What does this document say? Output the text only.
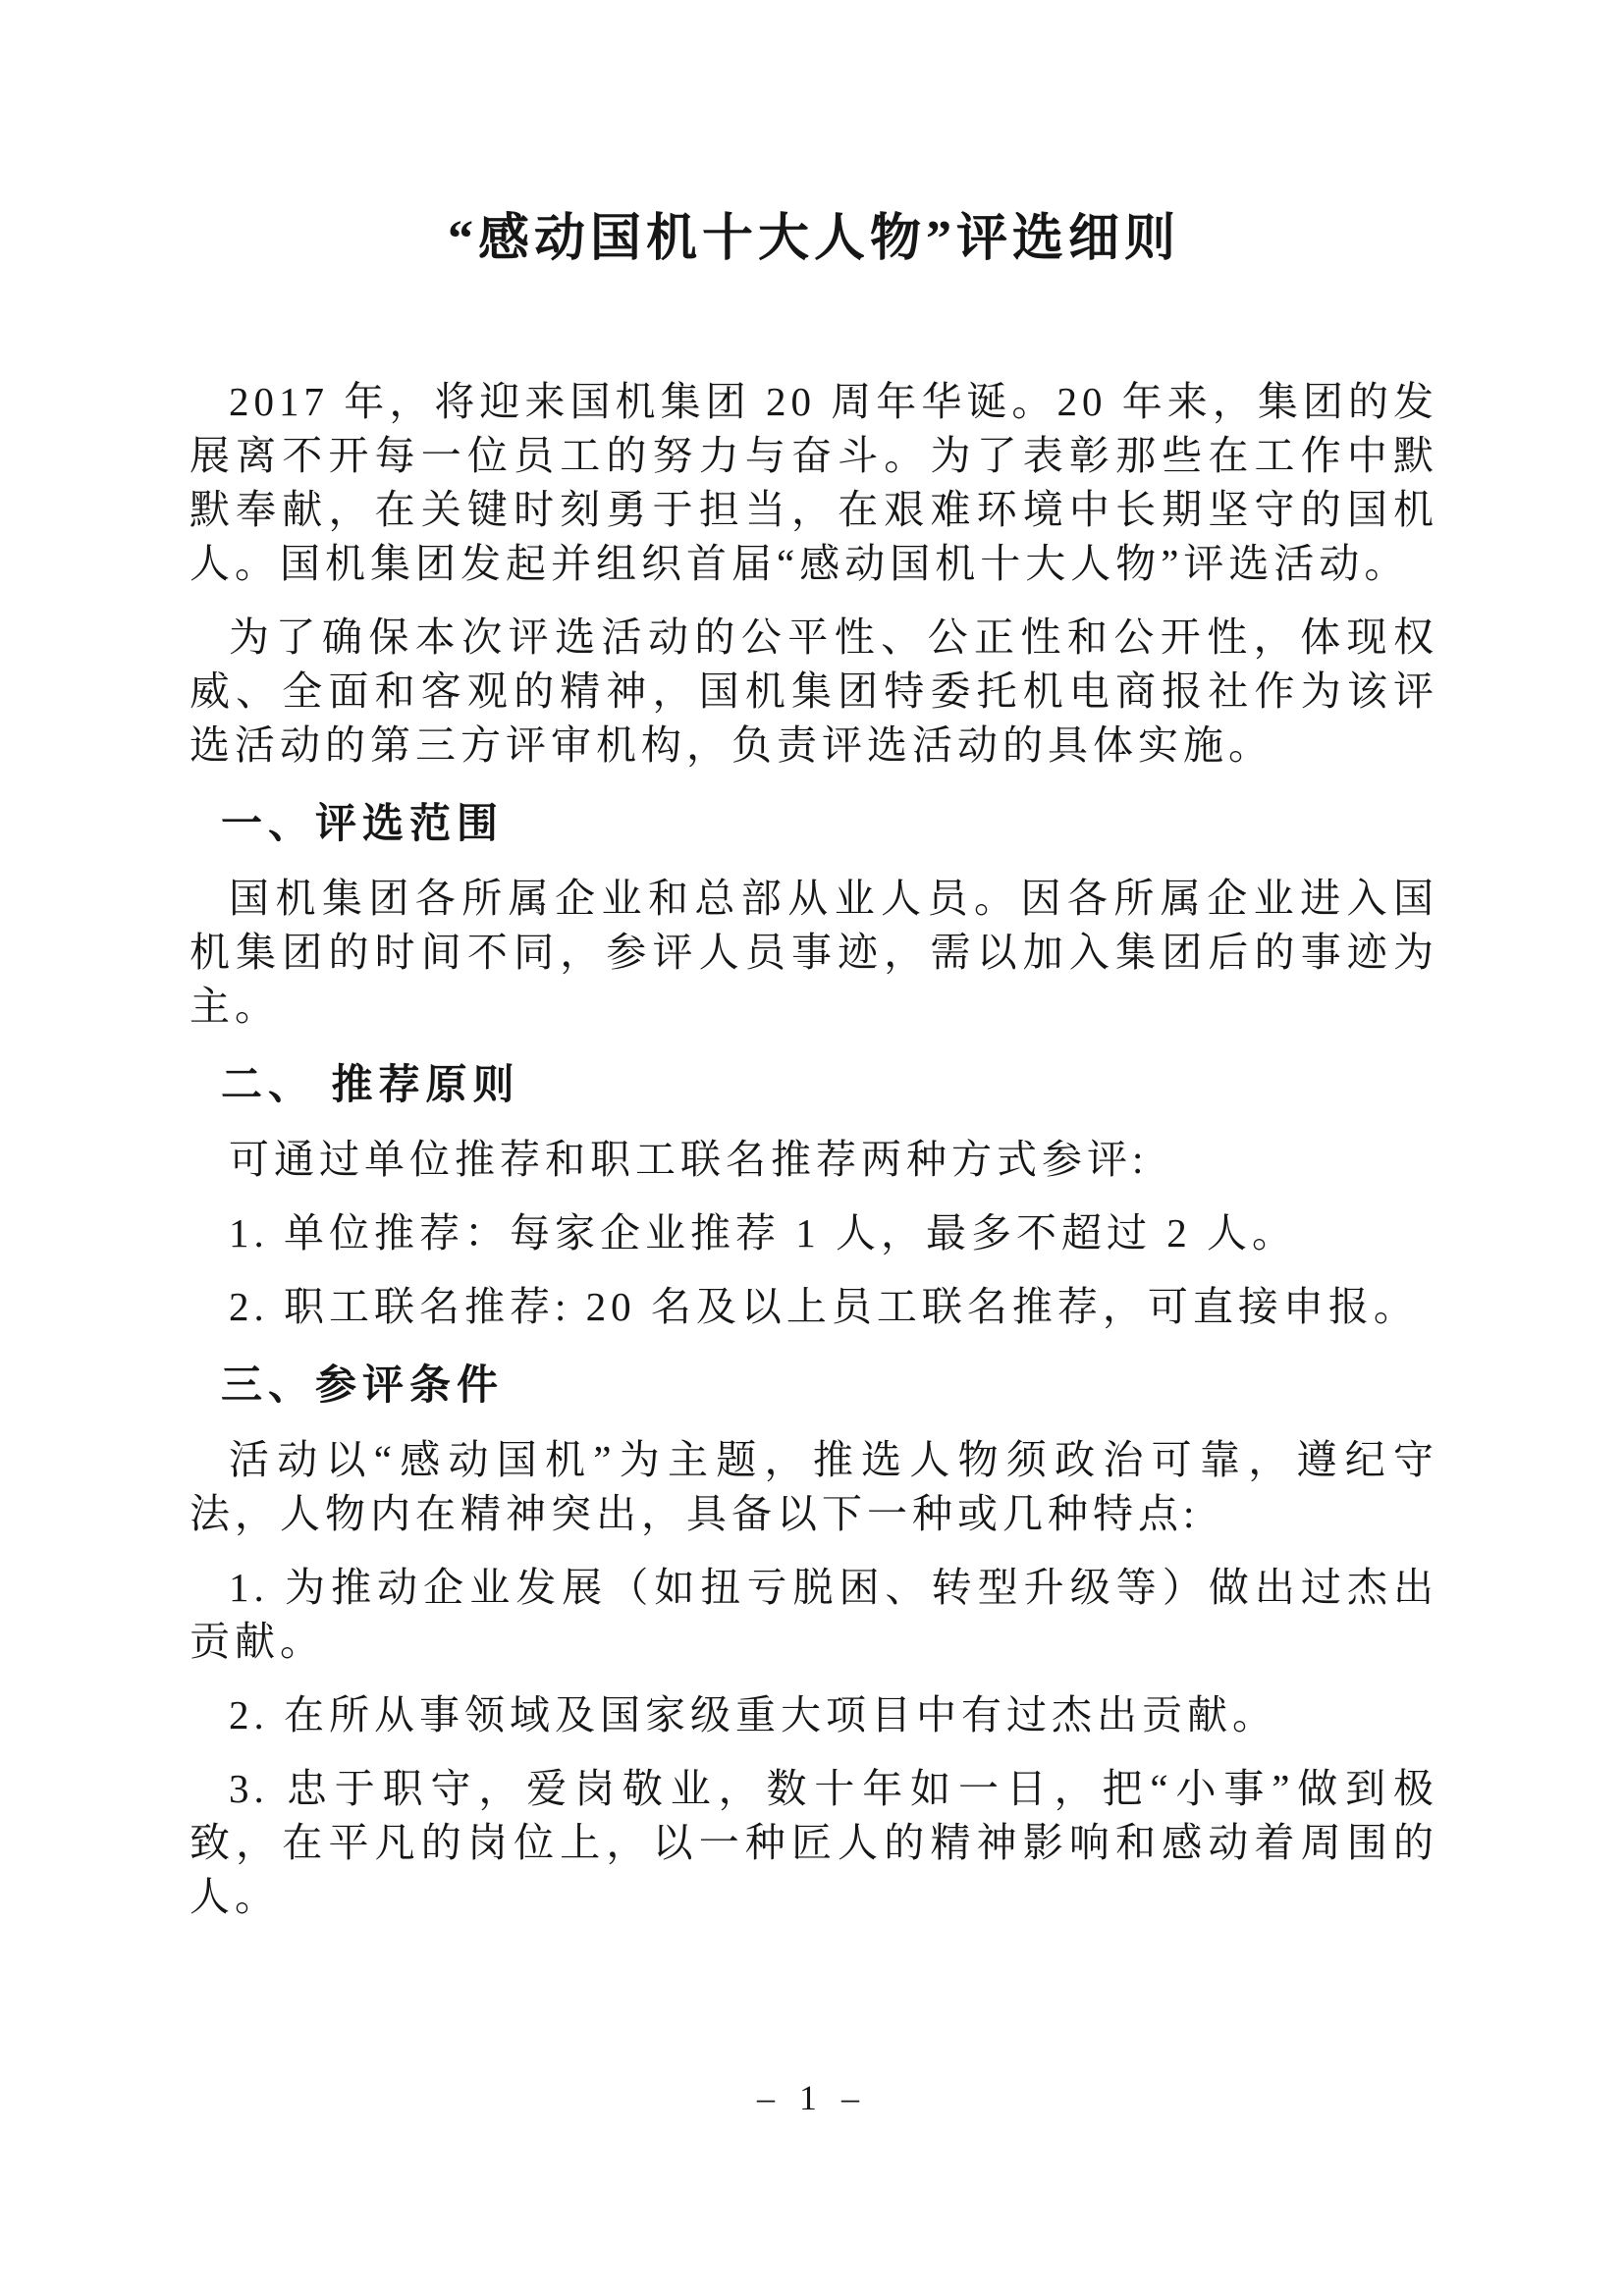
“感动国机十大人物”评选细则

2017 年，将迎来国机集团 20 周年华诞。20 年来，集团的发展离不开每一位员工的努力与奋斗。为了表彰那些在工作中默默奉献，在关键时刻勇于担当，在艰难环境中长期坚守的国机人。国机集团发起并组织首届“感动国机十大人物”评选活动。

为了确保本次评选活动的公平性、公正性和公开性，体现权威、全面和客观的精神，国机集团特委托机电商报社作为该评选活动的第三方评审机构，负责评选活动的具体实施。

一、评选范围

国机集团各所属企业和总部从业人员。因各所属企业进入国机集团的时间不同，参评人员事迹，需以加入集团后的事迹为主。

二、 推荐原则

可通过单位推荐和职工联名推荐两种方式参评:

1. 单位推荐：每家企业推荐 1 人，最多不超过 2 人。

2. 职工联名推荐: 20 名及以上员工联名推荐，可直接申报。

三、参评条件

活动以“感动国机”为主题，推选人物须政治可靠，遵纪守法，人物内在精神突出，具备以下一种或几种特点:

1. 为推动企业发展（如扭亏脱困、转型升级等）做出过杰出贡献。

2. 在所从事领域及国家级重大项目中有过杰出贡献。

3. 忠于职守，爱岗敬业，数十年如一日，把“小事”做到极致，在平凡的岗位上，以一种匠人的精神影响和感动着周围的人。

– 1 –
